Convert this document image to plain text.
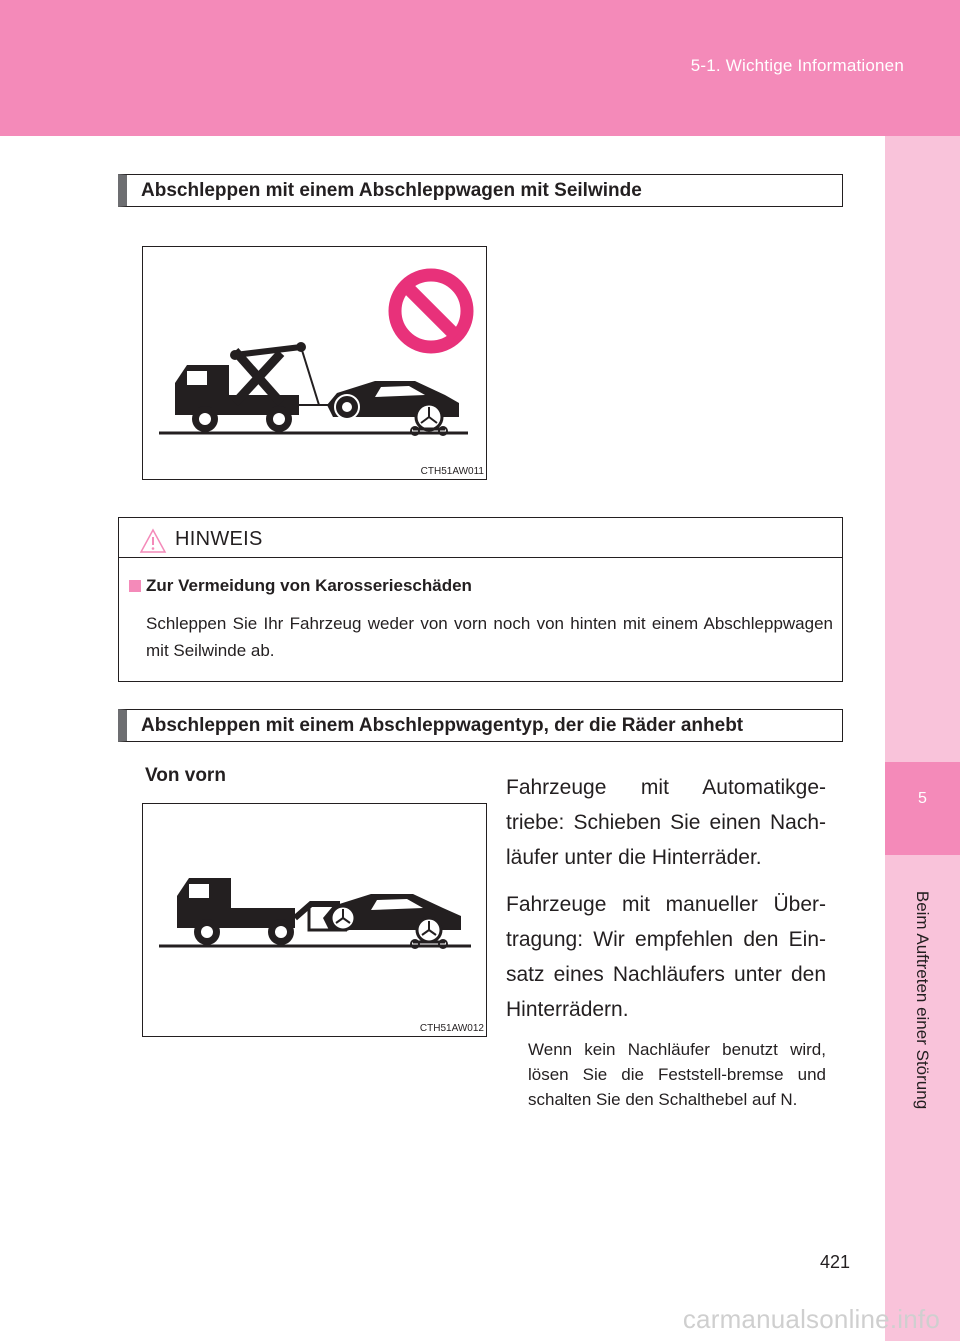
5-1. Wichtige Informationen
5
Beim Auftreten einer Störung
Abschleppen mit einem Abschleppwagen mit Seilwinde
CTH51AW011
HINWEIS
Zur Vermeidung von Karosserieschäden
Schleppen Sie Ihr Fahrzeug weder von vorn noch von hinten mit einem Abschleppwagen mit Seilwinde ab.
Abschleppen mit einem Abschleppwagentyp, der die Räder anhebt
Von vorn
CTH51AW012

Fahrzeuge mit Automatikge-triebe: Schieben Sie einen Nach-läufer unter die Hinterräder.

Fahrzeuge mit manueller Über-tragung: Wir empfehlen den Ein-satz eines Nachläufers unter den Hinterrädern.

Wenn kein Nachläufer benutzt wird, lösen Sie die Feststell-bremse und schalten Sie den Schalthebel auf N.
421
carmanualsonline.info
